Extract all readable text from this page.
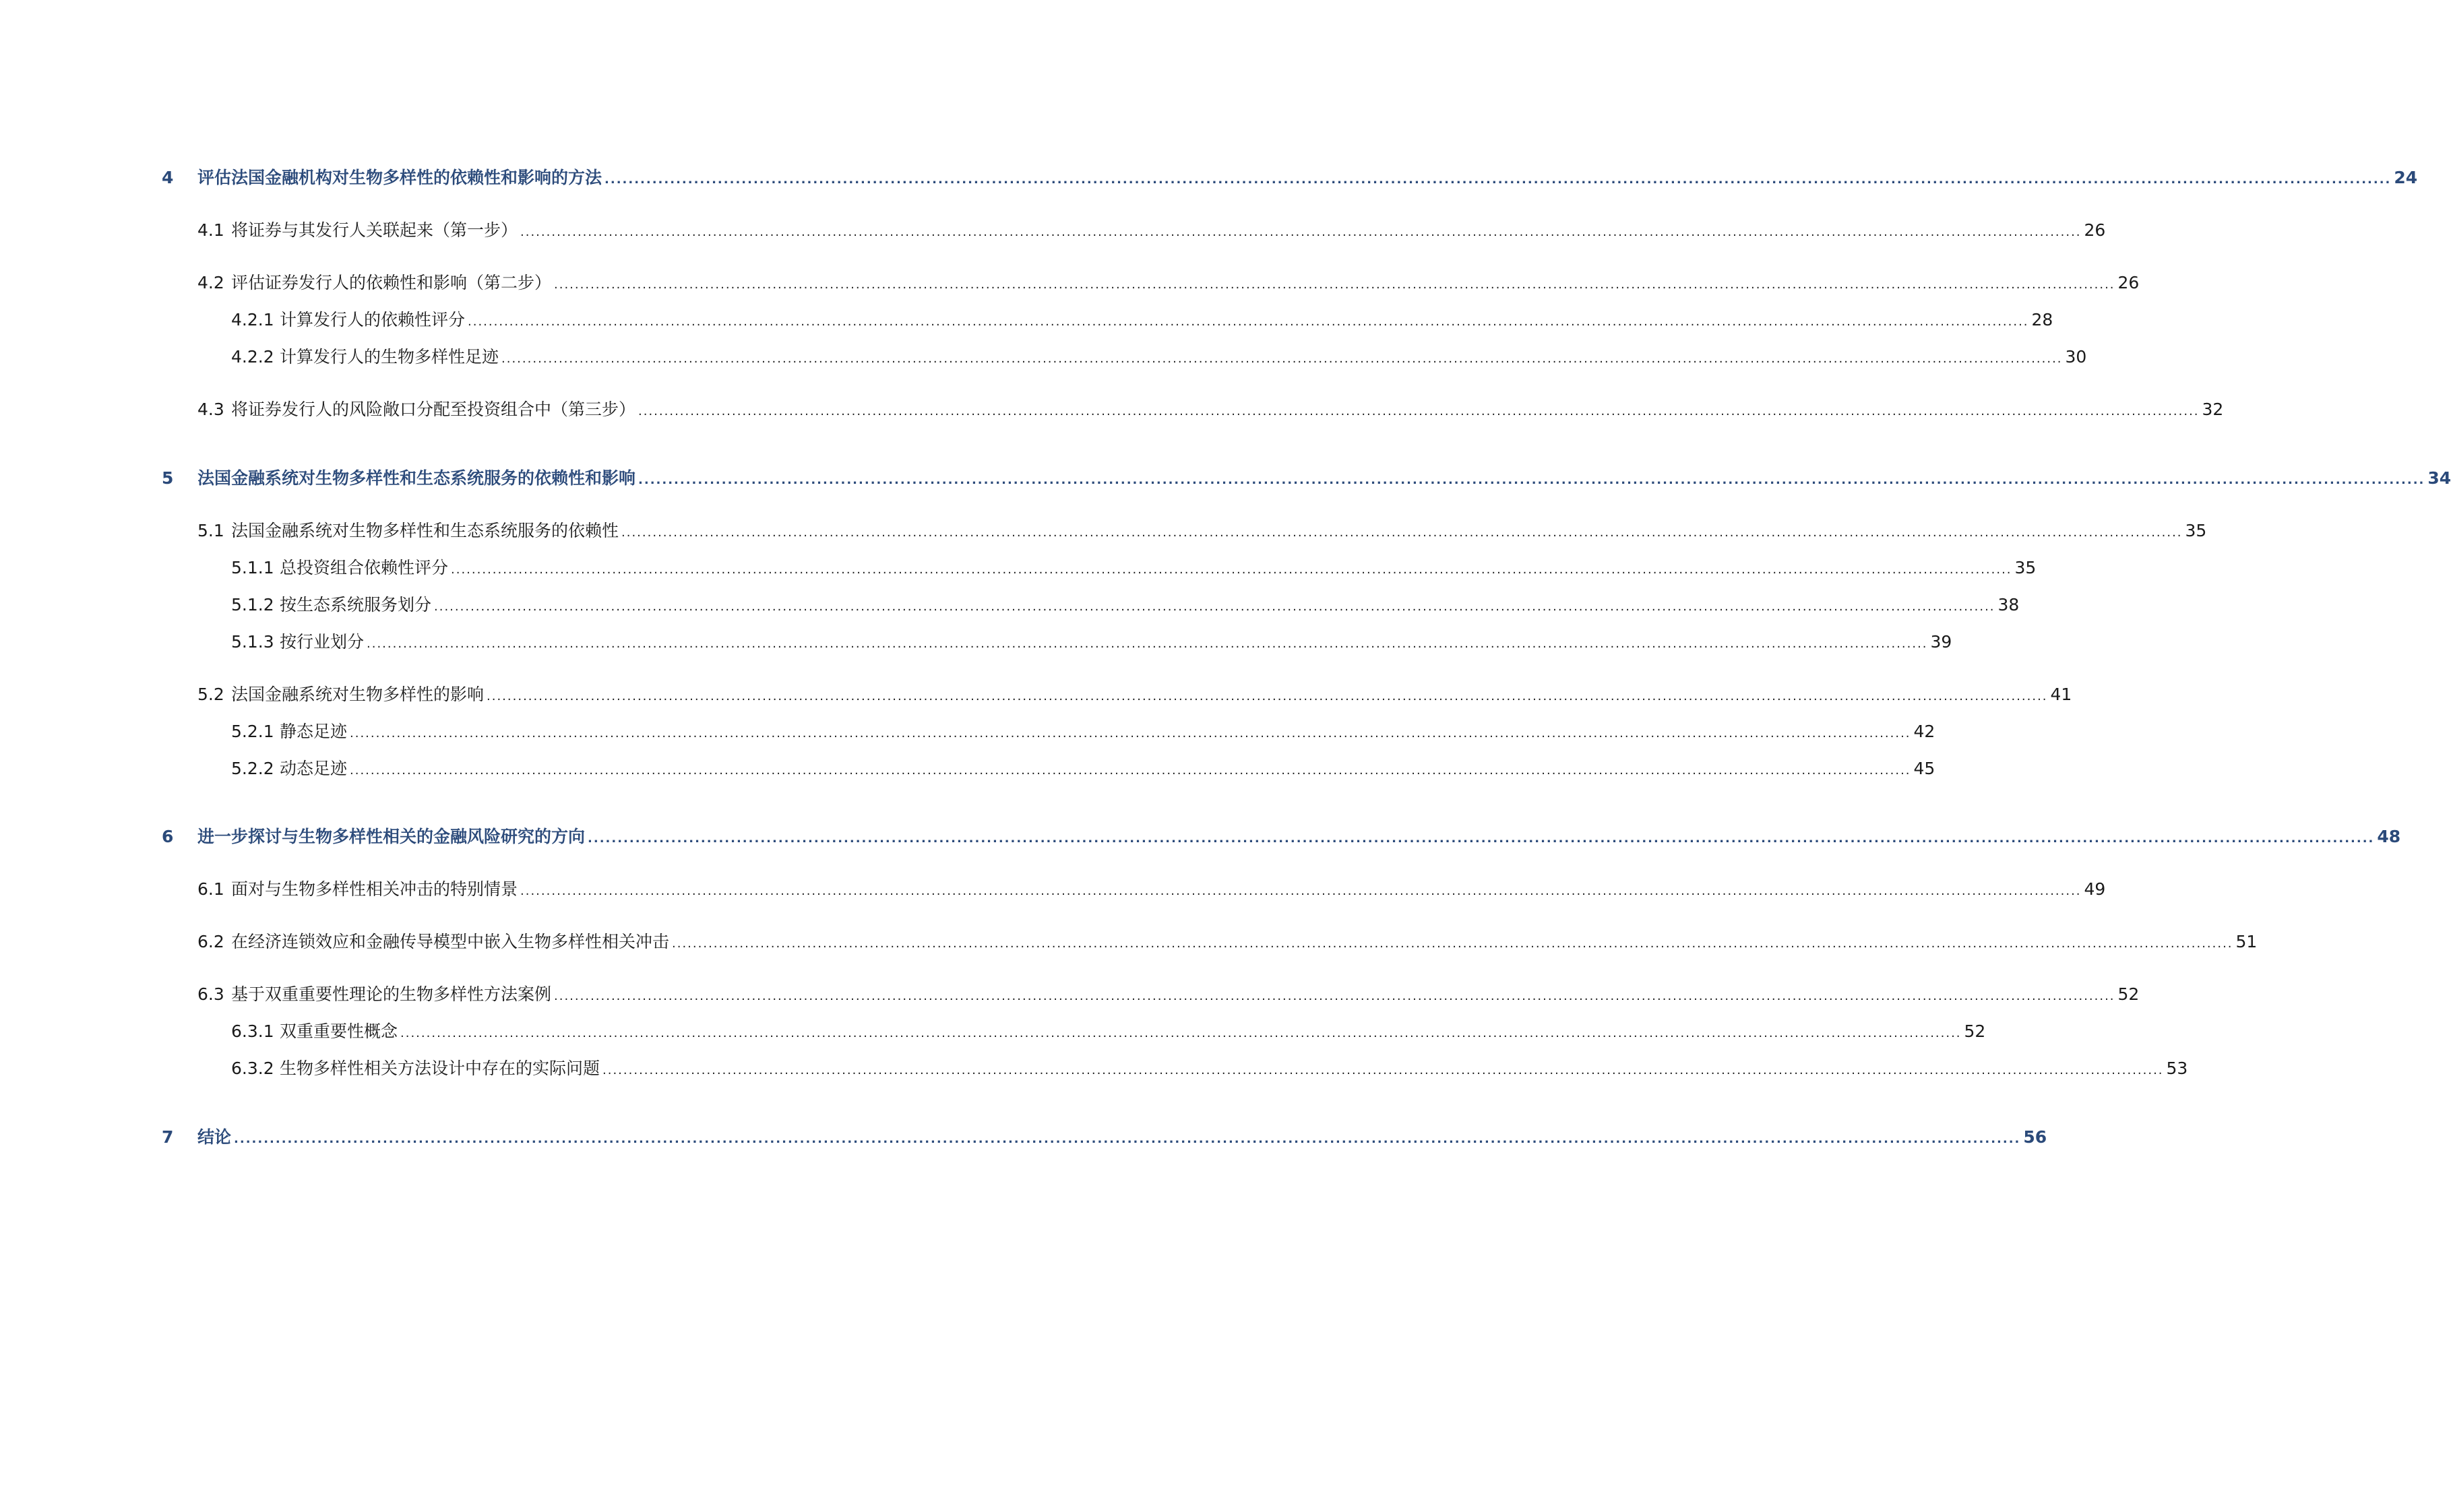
4 评估法国金融机构对生物多样性的依赖性和影响的方法 ............................................................................................................................................................................................................................................................................................................ 24
4.1 将证券与其发行人关联起来（第一步） ............................................................................................................................................................................................................................................................................................................ 26
4.2 评估证券发行人的依赖性和影响（第二步） ............................................................................................................................................................................................................................................................................................................ 26
4.2.1 计算发行人的依赖性评分 ............................................................................................................................................................................................................................................................................................................ 28
4.2.2 计算发行人的生物多样性足迹 ............................................................................................................................................................................................................................................................................................................ 30
4.3 将证券发行人的风险敞口分配至投资组合中（第三步） ............................................................................................................................................................................................................................................................................................................ 32
5 法国金融系统对生物多样性和生态系统服务的依赖性和影响 ............................................................................................................................................................................................................................................................................................................ 34
5.1 法国金融系统对生物多样性和生态系统服务的依赖性 ............................................................................................................................................................................................................................................................................................................ 35
5.1.1 总投资组合依赖性评分 ............................................................................................................................................................................................................................................................................................................ 35
5.1.2 按生态系统服务划分 ............................................................................................................................................................................................................................................................................................................ 38
5.1.3 按行业划分 ............................................................................................................................................................................................................................................................................................................ 39
5.2 法国金融系统对生物多样性的影响 ............................................................................................................................................................................................................................................................................................................ 41
5.2.1 静态足迹 ............................................................................................................................................................................................................................................................................................................ 42
5.2.2 动态足迹 ............................................................................................................................................................................................................................................................................................................ 45
6 进一步探讨与生物多样性相关的金融风险研究的方向 ............................................................................................................................................................................................................................................................................................................ 48
6.1 面对与生物多样性相关冲击的特别情景 ............................................................................................................................................................................................................................................................................................................ 49
6.2 在经济连锁效应和金融传导模型中嵌入生物多样性相关冲击 ............................................................................................................................................................................................................................................................................................................ 51
6.3 基于双重重要性理论的生物多样性方法案例 ............................................................................................................................................................................................................................................................................................................ 52
6.3.1 双重重要性概念 ............................................................................................................................................................................................................................................................................................................ 52
6.3.2 生物多样性相关方法设计中存在的实际问题 ............................................................................................................................................................................................................................................................................................................ 53
7 结论 ............................................................................................................................................................................................................................................................................................................ 56
